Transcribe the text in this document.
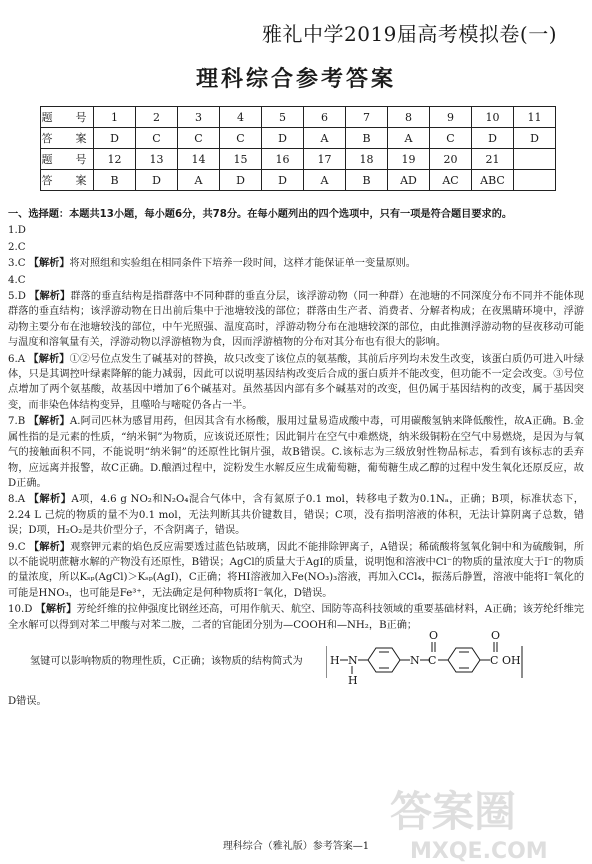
雅礼中学2019届高考模拟卷(一)
理科综合参考答案
题　号	1	2	3	4	5	6	7	8	9	10	11
答　案	D	C	C	C	D	A	B	A	C	D	D
题　号	12	13	14	15	16	17	18	19	20	21	
答　案	B	D	A	D	D	A	B	AD	AC	ABC	

一、选择题：本题共13小题，每小题6分，共78分。在每小题列出的四个选项中，只有一项是符合题目要求的。

1.D

2.C

3.C 【解析】将对照组和实验组在相同条件下培养一段时间，这样才能保证单一变量原则。

4.C

5.D 【解析】群落的垂直结构是指群落中不同种群的垂直分层，该浮游动物（同一种群）在池塘的不同深度分布不同并不能体现群落的垂直结构；该浮游动物在日出前后集中于池塘较浅的部位；群落由生产者、消费者、分解者构成；在夜黑睛环境中，浮游动物主要分布在池塘较浅的部位，中午光照强、温度高时，浮游动物分布在池塘较深的部位，由此推测浮游动物的昼夜移动可能与温度和溶氧量有关，浮游动物以浮游植物为食，因而浮游植物的分布对其分布也有很大的影响。

6.A 【解析】①②号位点发生了碱基对的替换，故只改变了该位点的氨基酸，其前后序列均未发生改变，该蛋白质仍可进入叶绿体，只是其调控叶绿素降解的能力减弱，因此可以说明基因结构改变后合成的蛋白质并不能改变，但功能不一定会改变。③号位点增加了两个氨基酸，故基因中增加了6个碱基对。虽然基因内部有多个碱基对的改变，但仍属于基因结构的改变，属于基因突变，而非染色体结构变异，且噬哈与嘧啶仍各占一半。

7.B 【解析】A.阿司匹林为感冒用药，但因其含有水杨酸，服用过量易造成酸中毒，可用碳酸氢钠来降低酸性，故A正确。B.金属性指的是元素的性质，“纳米铜”为物质，应该说还原性；因此铜片在空气中难燃烧，纳米级铜粉在空气中易燃烧，是因为与氧气的接触面积不同，不能说明“纳米铜”的还原性比铜片强，故B错误。C.该标志为三级放射性物品标志，看到有该标志的丢弃物，应远离并报警，故C正确。D.酿酒过程中，淀粉发生水解反应生成葡萄糖，葡萄糖生成乙醇的过程中发生氧化还原反应，故D正确。

8.A 【解析】A项，4.6 g NO₂和N₂O₄混合气体中，含有氮原子0.1 mol，转移电子数为0.1Nₐ，正确；B项，标准状态下，2.24 L 己烷的物质的量不为0.1 mol，无法判断其共价键数目，错误；C项，没有指明溶液的体积，无法计算阴离子总数，错误；D项，H₂O₂是共价型分子，不含阴离子，错误。

9.C 【解析】观察钾元素的焰色反应需要透过蓝色钴玻璃，因此不能排除钾离子，A错误；稀硫酸将氢氧化铜中和为硫酸铜，所以不能说明蔗糖水解的产物没有还原性，B错误；AgCl的质量大于AgI的质量，说明饱和溶液中Cl⁻的物质的量浓度大于I⁻的物质的量浓度，所以Kₛₚ(AgCl)＞Kₛₚ(AgI)，C正确；将HI溶液加入Fe(NO₃)₃溶液，再加入CCl₄，振荡后静置，溶液中能将I⁻氧化的可能是HNO₃，也可能是Fe³⁺，无法确定是何种物质将I⁻氧化，D错误。

10.D 【解析】芳纶纤维的拉伸强度比钢丝还高，可用作航天、航空、国防等高科技领域的重要基础材料，A正确；该芳纶纤维完全水解可以得到对苯二甲酸与对苯二胺，二者的官能团分别为—COOH和—NH₂，B正确；

氢键可以影响物质的物理性质，C正确；该物质的结构简式为 H N
H
N C
O
C
O
OH

D错误。

答案圈
MXQE.COM
理科综合（雅礼版）参考答案—1
